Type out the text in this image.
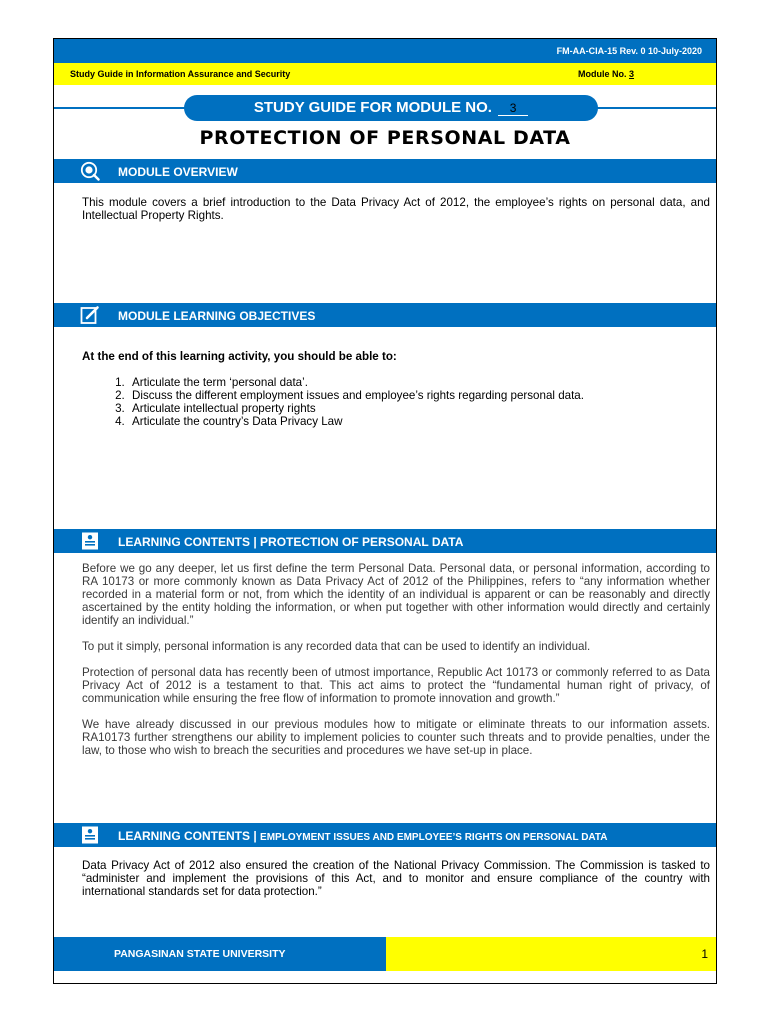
FM-AA-CIA-15 Rev. 0 10-July-2020
Study Guide in Information Assurance and Security	Module No. 3
STUDY GUIDE FOR MODULE NO. 3
PROTECTION OF PERSONAL DATA
MODULE OVERVIEW

This module covers a brief introduction to the Data Privacy Act of 2012, the employee’s rights on personal data, and Intellectual Property Rights.

MODULE LEARNING OBJECTIVES

At the end of this learning activity, you should be able to:

1. Articulate the term ‘personal data’.
2. Discuss the different employment issues and employee’s rights regarding personal data.
3. Articulate intellectual property rights
4. Articulate the country’s Data Privacy Law
LEARNING CONTENTS | PROTECTION OF PERSONAL DATA

Before we go any deeper, let us first define the term Personal Data. Personal data, or personal information, according to RA 10173 or more commonly known as Data Privacy Act of 2012 of the Philippines, refers to “any information whether recorded in a material form or not, from which the identity of an individual is apparent or can be reasonably and directly ascertained by the entity holding the information, or when put together with other information would directly and certainly identify an individual.”

To put it simply, personal information is any recorded data that can be used to identify an individual.

Protection of personal data has recently been of utmost importance, Republic Act 10173 or commonly referred to as Data Privacy Act of 2012 is a testament to that. This act aims to protect the “fundamental human right of privacy, of communication while ensuring the free flow of information to promote innovation and growth.”

We have already discussed in our previous modules how to mitigate or eliminate threats to our information assets. RA10173 further strengthens our ability to implement policies to counter such threats and to provide penalties, under the law, to those who wish to breach the securities and procedures we have set-up in place.

LEARNING CONTENTS | EMPLOYMENT ISSUES AND EMPLOYEE’S RIGHTS ON PERSONAL DATA

Data Privacy Act of 2012 also ensured the creation of the National Privacy Commission. The Commission is tasked to “administer and implement the provisions of this Act, and to monitor and ensure compliance of the country with international standards set for data protection.”

PANGASINAN STATE UNIVERSITY	1
